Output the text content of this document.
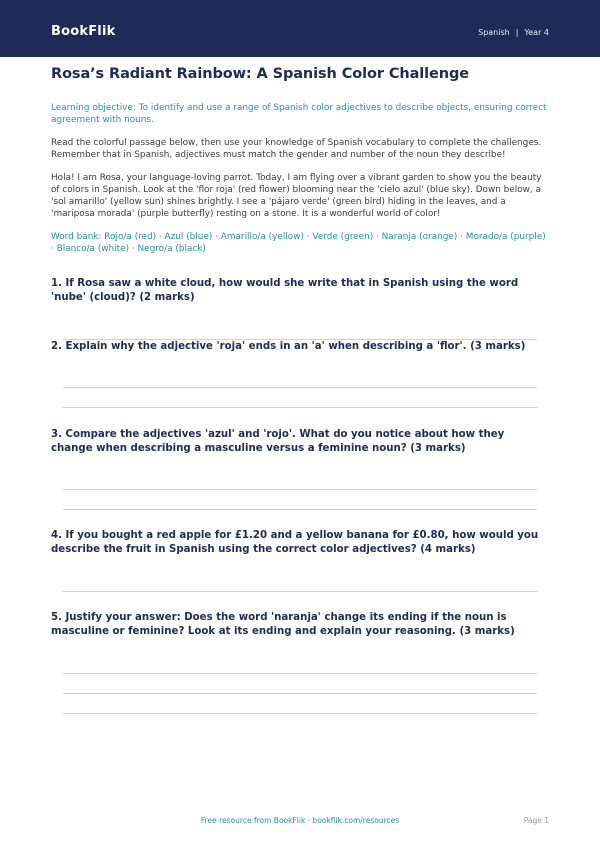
BookFlik	Spanish | Year 4
Rosa’s Radiant Rainbow: A Spanish Color Challenge
Learning objective: To identify and use a range of Spanish color adjectives to describe objects, ensuring correct agreement with nouns.
Read the colorful passage below, then use your knowledge of Spanish vocabulary to complete the challenges. Remember that in Spanish, adjectives must match the gender and number of the noun they describe!
Hola! I am Rosa, your language-loving parrot. Today, I am flying over a vibrant garden to show you the beauty of colors in Spanish. Look at the 'flor roja' (red flower) blooming near the 'cielo azul' (blue sky). Down below, a 'sol amarillo' (yellow sun) shines brightly. I see a 'pájaro verde' (green bird) hiding in the leaves, and a 'mariposa morada' (purple butterfly) resting on a stone. It is a wonderful world of color!
Word bank: Rojo/a (red) · Azul (blue) · Amarillo/a (yellow) · Verde (green) · Naranja (orange) · Morado/a (purple) · Blanco/a (white) · Negro/a (black)
1. If Rosa saw a white cloud, how would she write that in Spanish using the word 'nube' (cloud)? (2 marks)
2. Explain why the adjective 'roja' ends in an 'a' when describing a 'flor'. (3 marks)
3. Compare the adjectives 'azul' and 'rojo'. What do you notice about how they change when describing a masculine versus a feminine noun? (3 marks)
4. If you bought a red apple for £1.20 and a yellow banana for £0.80, how would you describe the fruit in Spanish using the correct color adjectives? (4 marks)
5. Justify your answer: Does the word 'naranja' change its ending if the noun is masculine or feminine? Look at its ending and explain your reasoning. (3 marks)
Free resource from BookFlik · bookflik.com/resources	Page 1
